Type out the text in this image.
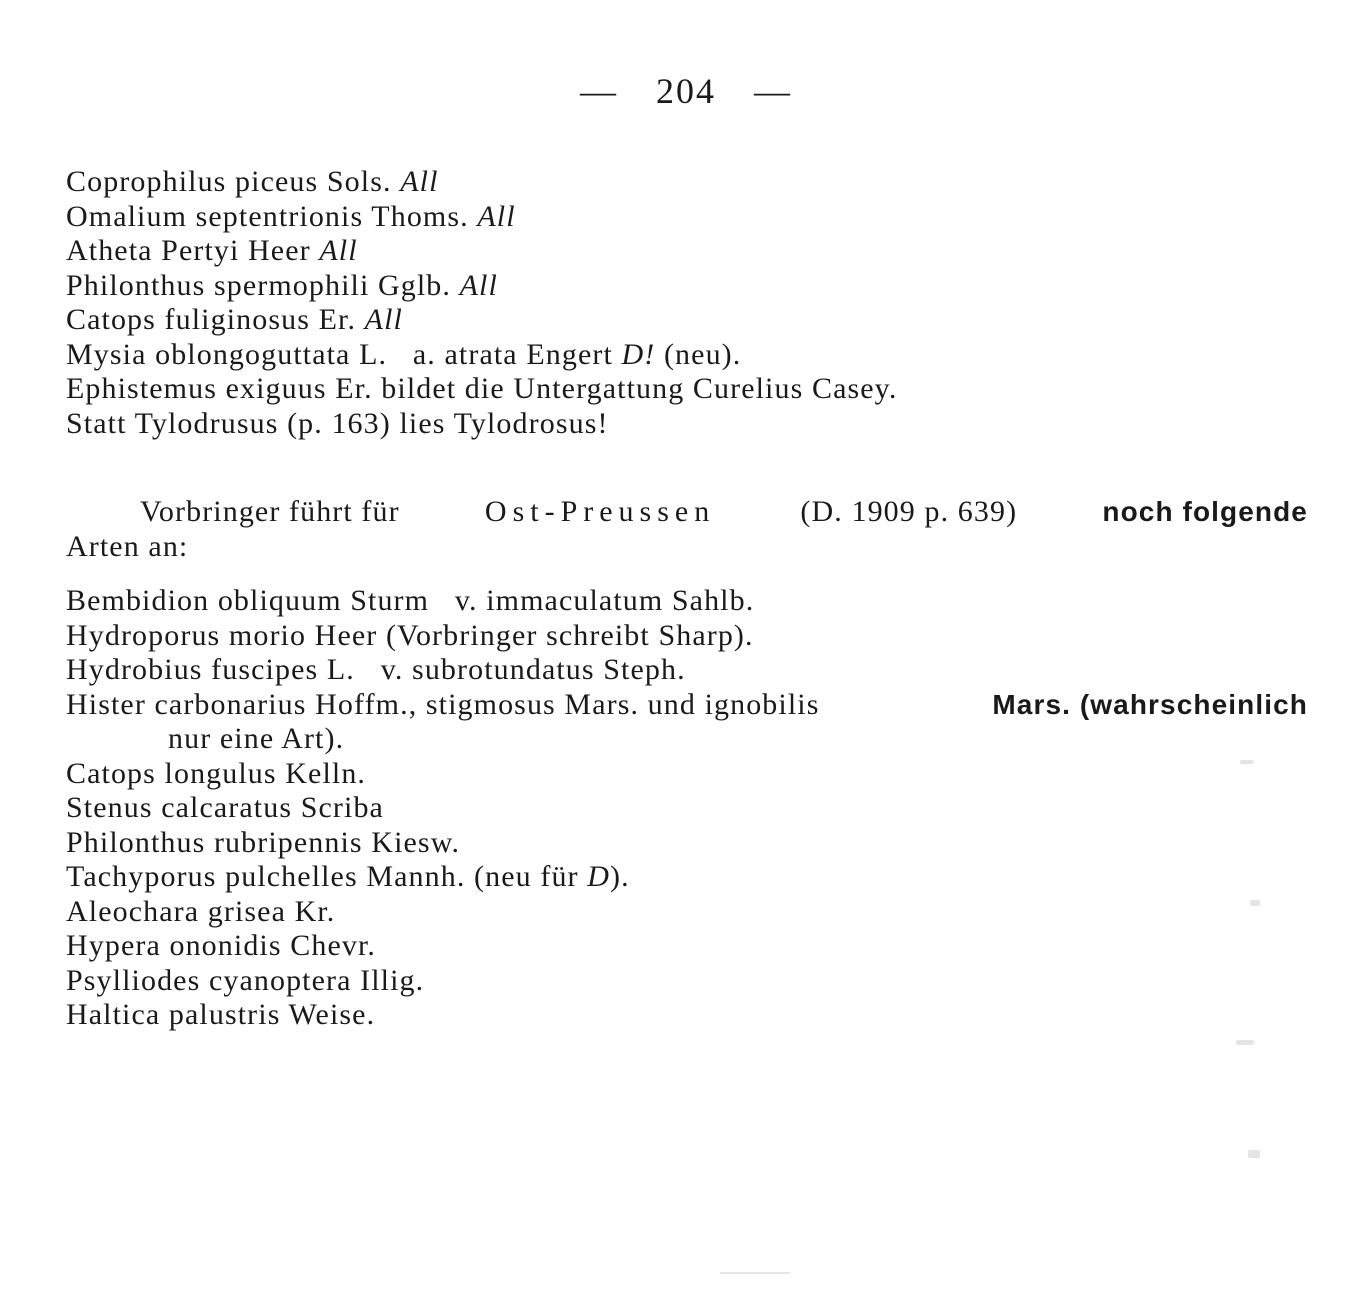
— 204 —
Coprophilus piceus Sols. All
Omalium septentrionis Thoms. All
Atheta Pertyi Heer All
Philonthus spermophili Gglb. All
Catops fuliginosus Er. All
Mysia oblongoguttata L.   a. atrata Engert D! (neu).
Ephistemus exiguus Er. bildet die Untergattung Curelius Casey.
Statt Tylodrusus (p. 163) lies Tylodrosus!
Vorbringer führt für	Ost-Preussen	(D. 1909 p. 639)	noch folgende
Arten an:
Bembidion obliquum Sturm   v. immaculatum Sahlb.
Hydroporus morio Heer (Vorbringer schreibt Sharp).
Hydrobius fuscipes L.   v. subrotundatus Steph.
Hister carbonarius Hoffm., stigmosus Mars. und ignobilis	Mars. (wahrscheinlich
nur eine Art).
Catops longulus Kelln.
Stenus calcaratus Scriba
Philonthus rubripennis Kiesw.
Tachyporus pulchelles Mannh. (neu für D).
Aleochara grisea Kr.
Hypera ononidis Chevr.
Psylliodes cyanoptera Illig.
Haltica palustris Weise.
